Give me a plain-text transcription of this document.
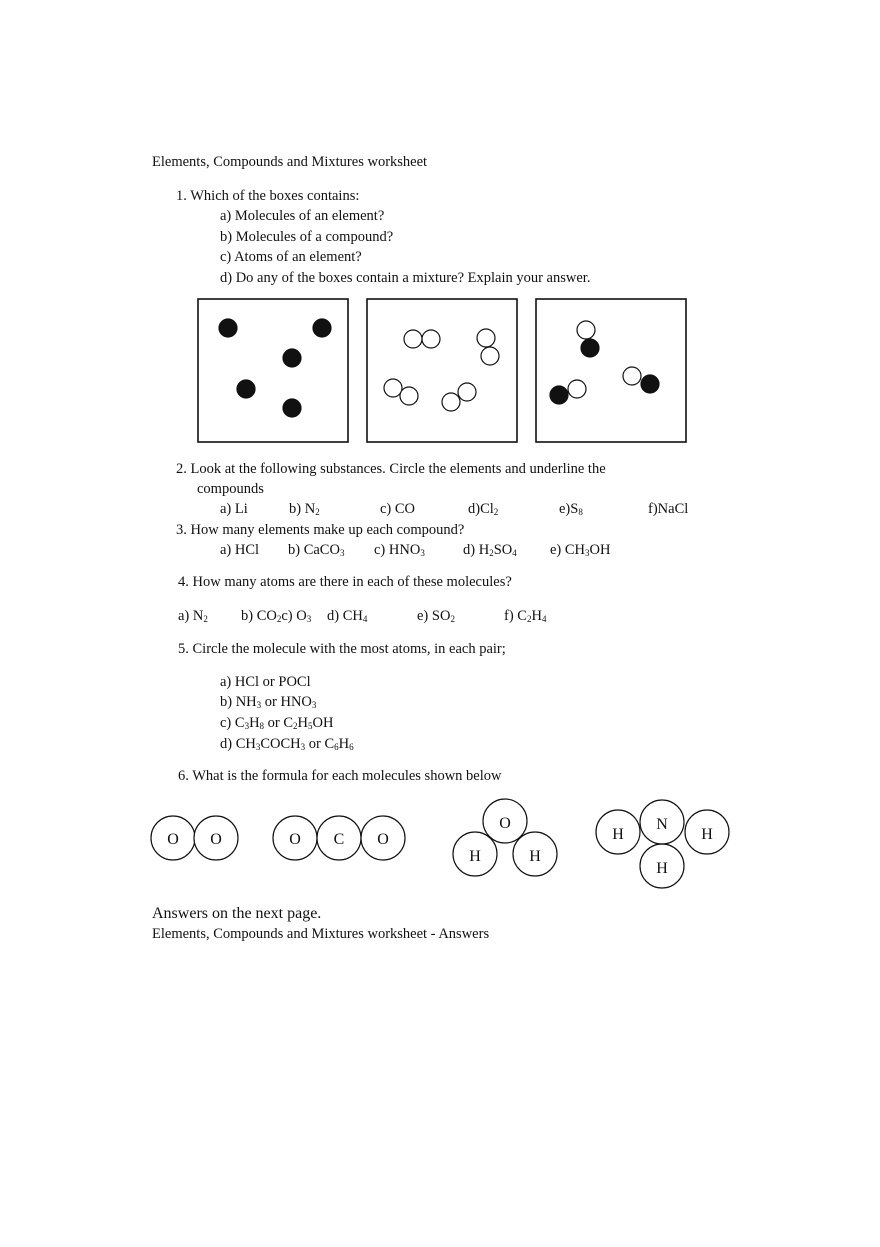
Elements, Compounds and Mixtures worksheet
1. Which of the boxes contains:
a) Molecules of an element?
b) Molecules of a compound?
c) Atoms of an element?
d) Do any of the boxes contain a mixture? Explain your answer.
O O	O C O
O
H	H
H
N
H
H
2. Look at the following substances. Circle the elements and underline the
compounds
a) Li	b) $N_2$	c) CO	$d)Cl_2$	$e)S_8$	f)NaCl
3. How many elements make up each compound?
a) HCl b) CaCO$_3$ c) $HNO_3$	d) $H_2SO_4$ e) $CH_3OH$
4. How many atoms are there in each of these molecules?
a) $N_2$ b) $CO_2c$) $O_3$ d) $CH_4$	e) $SO_2$	f) $C_2H_4$
5. Circle the molecule with the most atoms, in each pair;
a) HCl or POCl
b) $NH_3$ or $HNO_3$
c) $C_3H_8$ or $C_2H_5OH$
d) $CH_3COCH_3$ or $C_6H_6$
6. What is the formula for each molecules shown below
Answers on the next page.
Elements, Compounds and Mixtures worksheet - Answers
